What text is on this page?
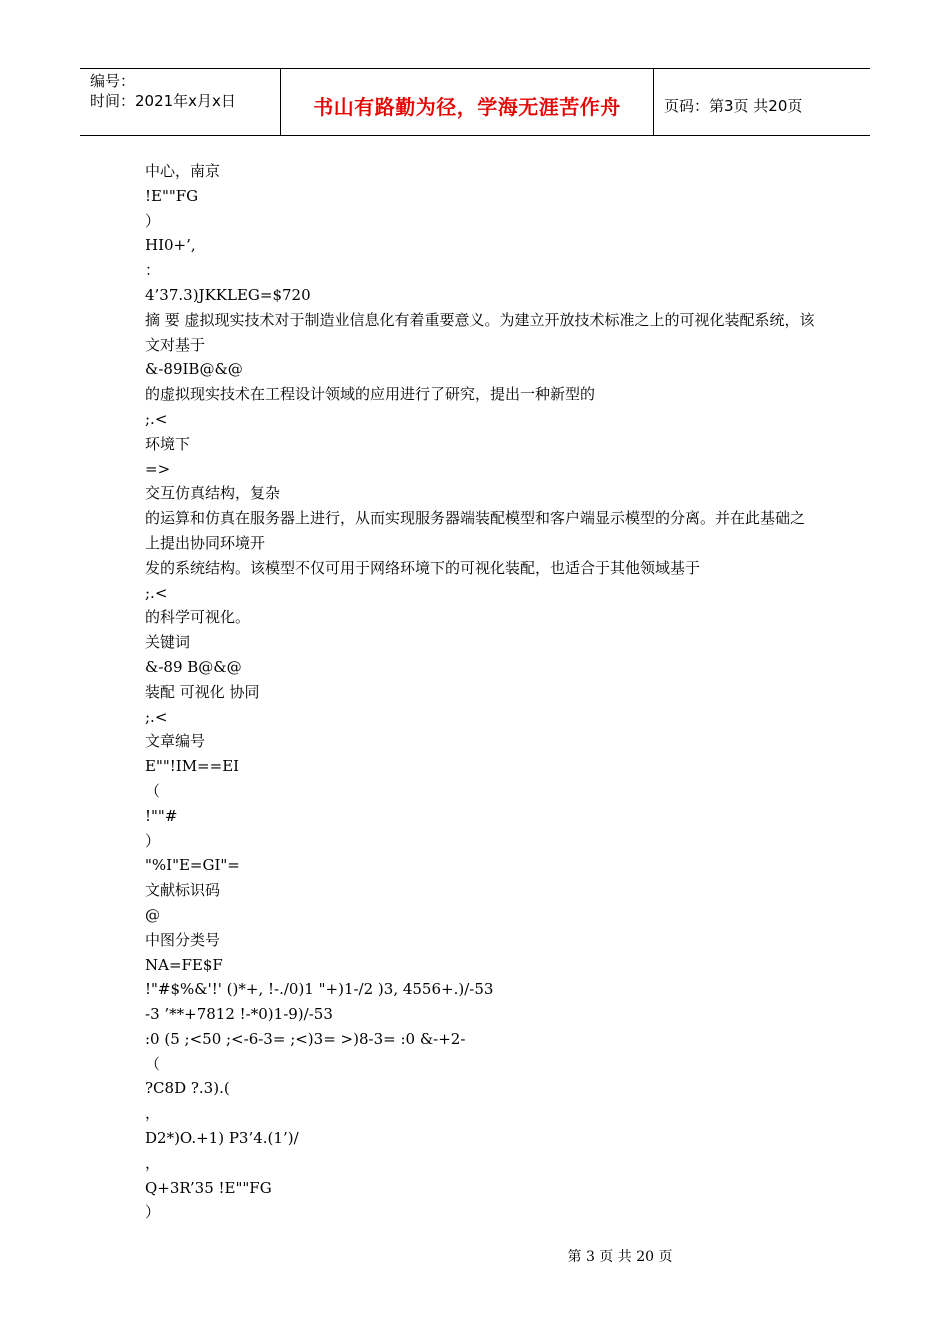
编号：
时间：2021年x月x日	书山有路勤为径，学海无涯苦作舟	页码：第3页 共20页
中心，南京
!E""FG
）
HI0+’,
：
4’37.3)JKKLEG=$720
摘 要 虚拟现实技术对于制造业信息化有着重要意义。为建立开放技术标准之上的可视化装配系统，该文对基于
&-89IB@&@
的虚拟现实技术在工程设计领域的应用进行了研究，提出一种新型的
;.<
环境下
=>
交互仿真结构，复杂
的运算和仿真在服务器上进行，从而实现服务器端装配模型和客户端显示模型的分离。并在此基础之上提出协同环境开
发的系统结构。该模型不仅可用于网络环境下的可视化装配，也适合于其他领域基于
;.<
的科学可视化。
关键词
&-89 B@&@
装配 可视化 协同
;.<
文章编号
E""!IM==EI
（
!""#
）
"%I"E=GI"=
文献标识码
@
中图分类号
NA=FE$F
!"#$%&'!' ()*+, !-./0)1 "+)1-/2 )3, 4556+.)/-53
-3 ’**+7812 !-*0)1-9)/-53
:0 (5 ;<50 ;<-6-3= ;<)3= >)8-3= :0 &-+2-
（
?C8D ?.3).(
，
D2*)O.+1) P3’4.(1’)/
，
Q+3R’35 !E""FG
）
第 3 页 共 20 页
